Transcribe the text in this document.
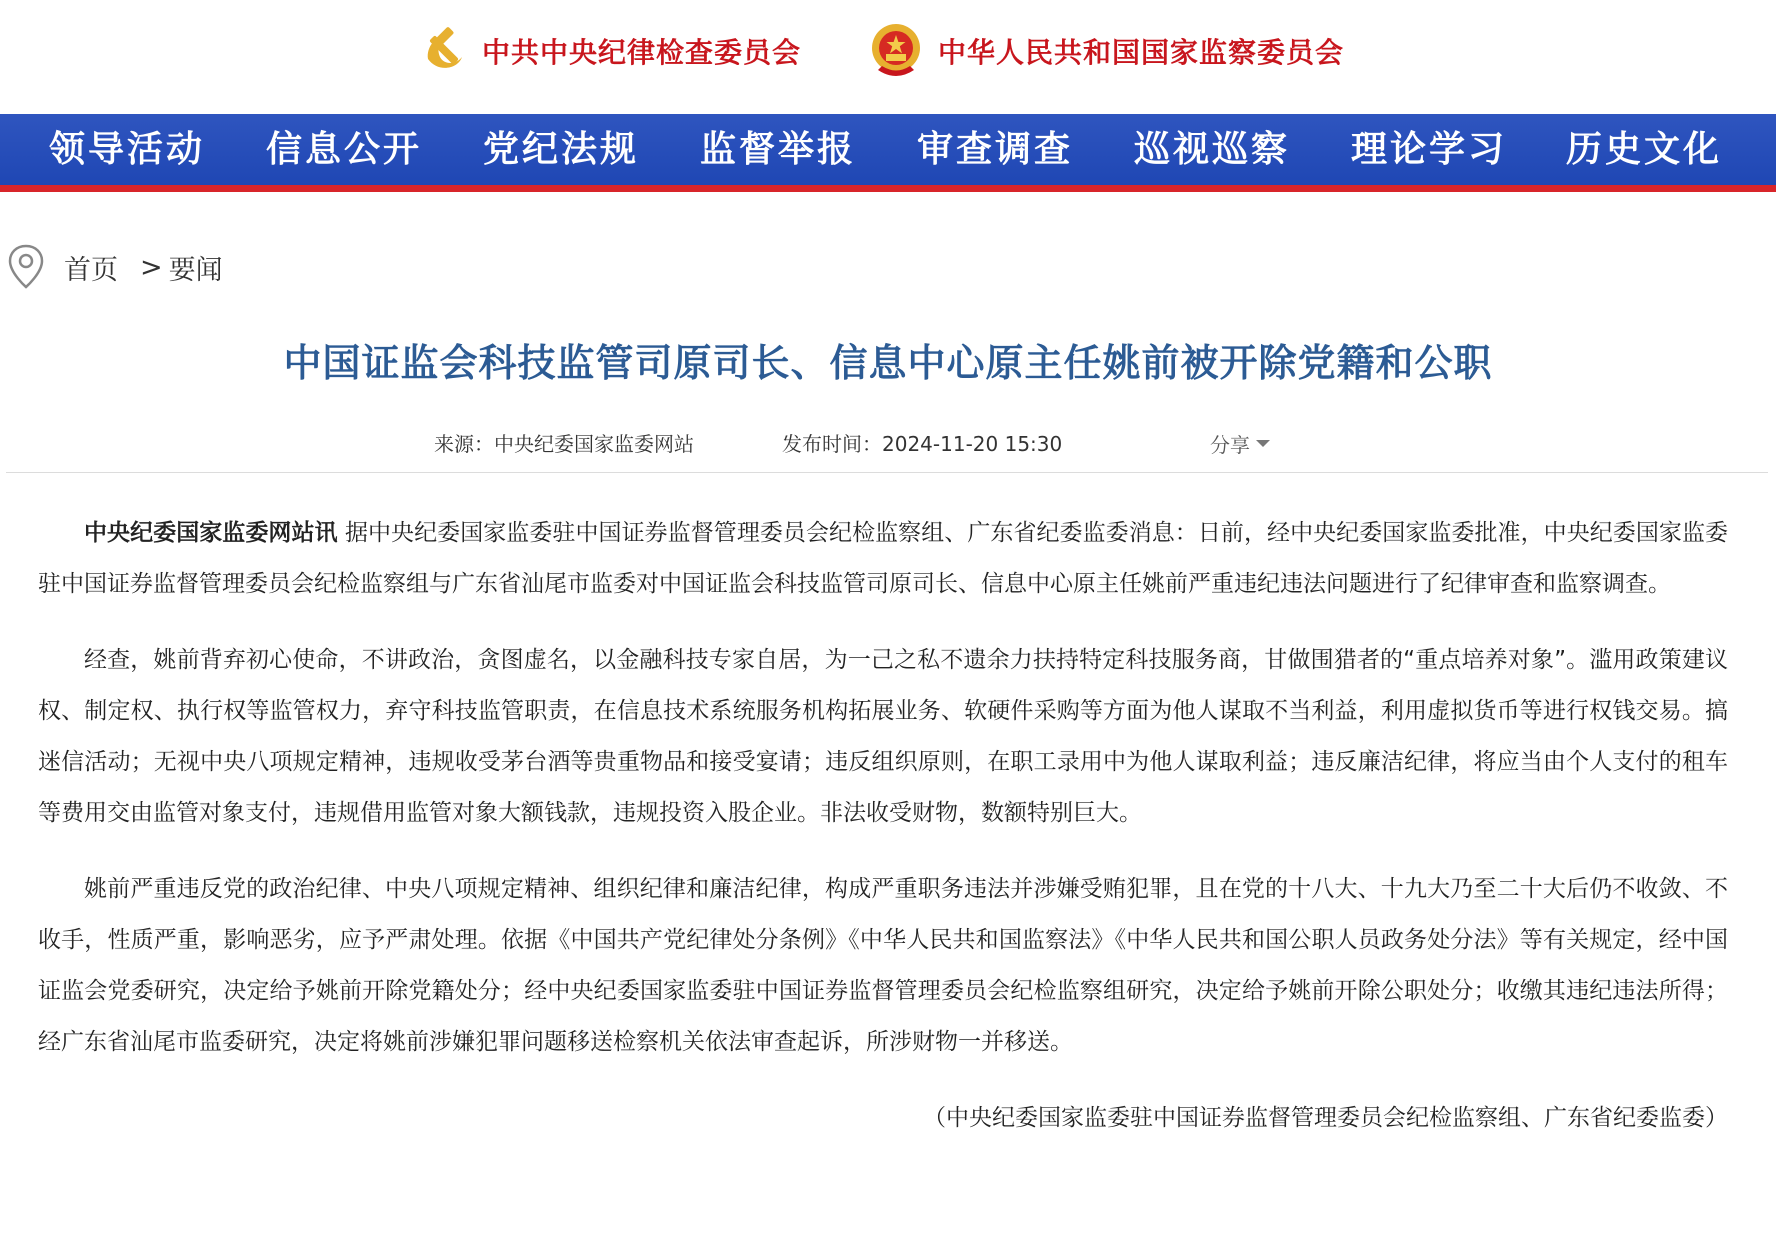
中共中央纪律检查委员会	中华人民共和国国家监察委员会
领导活动 信息公开 党纪法规 监督举报 审查调查 巡视巡察 理论学习 历史文化
首页 > 要闻
中国证监会科技监管司原司长、信息中心原主任姚前被开除党籍和公职
来源：中央纪委国家监委网站	发布时间：2024-11-20 15:30	分享

中央纪委国家监委网站讯 据中央纪委国家监委驻中国证券监督管理委员会纪检监察组、广东省纪委监委消息：日前，经中央纪委国家监委批准，中央纪委国家监委驻中国证券监督管理委员会纪检监察组与广东省汕尾市监委对中国证监会科技监管司原司长、信息中心原主任姚前严重违纪违法问题进行了纪律审查和监察调查。

经查，姚前背弃初心使命，不讲政治，贪图虚名，以金融科技专家自居，为一己之私不遗余力扶持特定科技服务商，甘做围猎者的“重点培养对象”。滥用政策建议权、制定权、执行权等监管权力，弃守科技监管职责，在信息技术系统服务机构拓展业务、软硬件采购等方面为他人谋取不当利益，利用虚拟货币等进行权钱交易。搞迷信活动；无视中央八项规定精神，违规收受茅台酒等贵重物品和接受宴请；违反组织原则，在职工录用中为他人谋取利益；违反廉洁纪律，将应当由个人支付的租车等费用交由监管对象支付，违规借用监管对象大额钱款，违规投资入股企业。非法收受财物，数额特别巨大。

姚前严重违反党的政治纪律、中央八项规定精神、组织纪律和廉洁纪律，构成严重职务违法并涉嫌受贿犯罪，且在党的十八大、十九大乃至二十大后仍不收敛、不收手，性质严重，影响恶劣，应予严肃处理。依据《中国共产党纪律处分条例》《中华人民共和国监察法》《中华人民共和国公职人员政务处分法》等有关规定，经中国证监会党委研究，决定给予姚前开除党籍处分；经中央纪委国家监委驻中国证券监督管理委员会纪检监察组研究，决定给予姚前开除公职处分；收缴其违纪违法所得；经广东省汕尾市监委研究，决定将姚前涉嫌犯罪问题移送检察机关依法审查起诉，所涉财物一并移送。

（中央纪委国家监委驻中国证券监督管理委员会纪检监察组、广东省纪委监委）
